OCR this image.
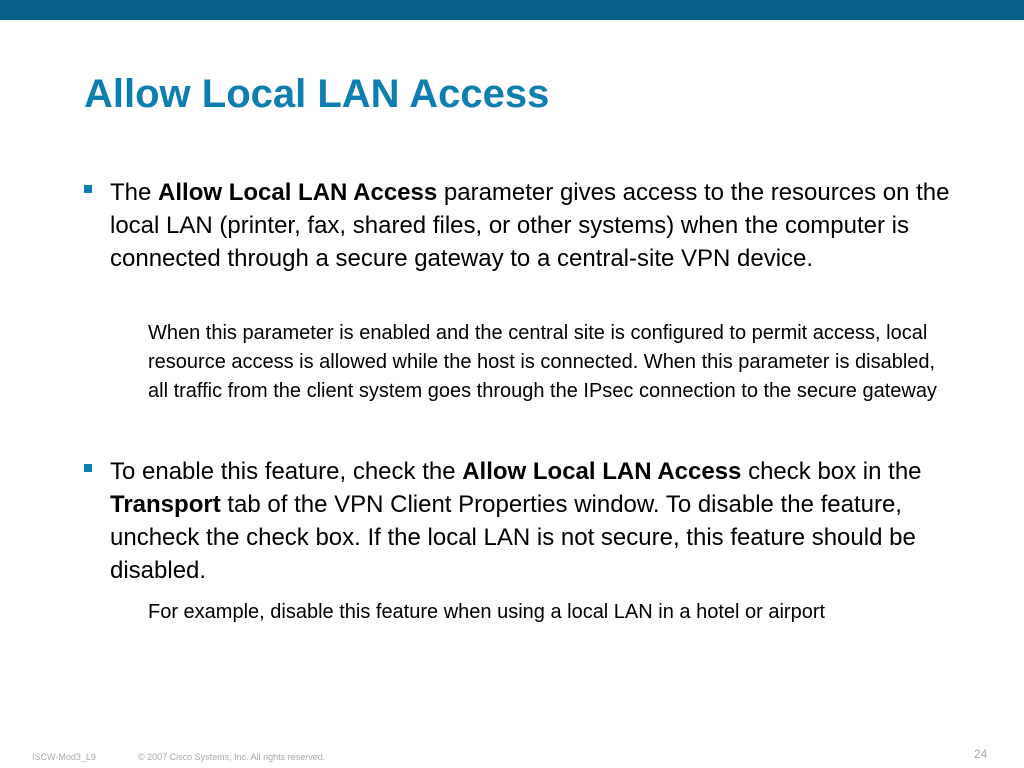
Allow Local LAN Access
The Allow Local LAN Access parameter gives access to the resources on the local LAN (printer, fax, shared files, or other systems) when the computer is connected through a secure gateway to a central-site VPN device.
When this parameter is enabled and the central site is configured to permit access, local resource access is allowed while the host is connected. When this parameter is disabled, all traffic from the client system goes through the IPsec connection to the secure gateway
To enable this feature, check the Allow Local LAN Access check box in the Transport tab of the VPN Client Properties window. To disable the feature, uncheck the check box. If the local LAN is not secure, this feature should be disabled.
For example, disable this feature when using a local LAN in a hotel or airport
ISCW-Mod3_L9	© 2007 Cisco Systems, Inc. All rights reserved.	24
